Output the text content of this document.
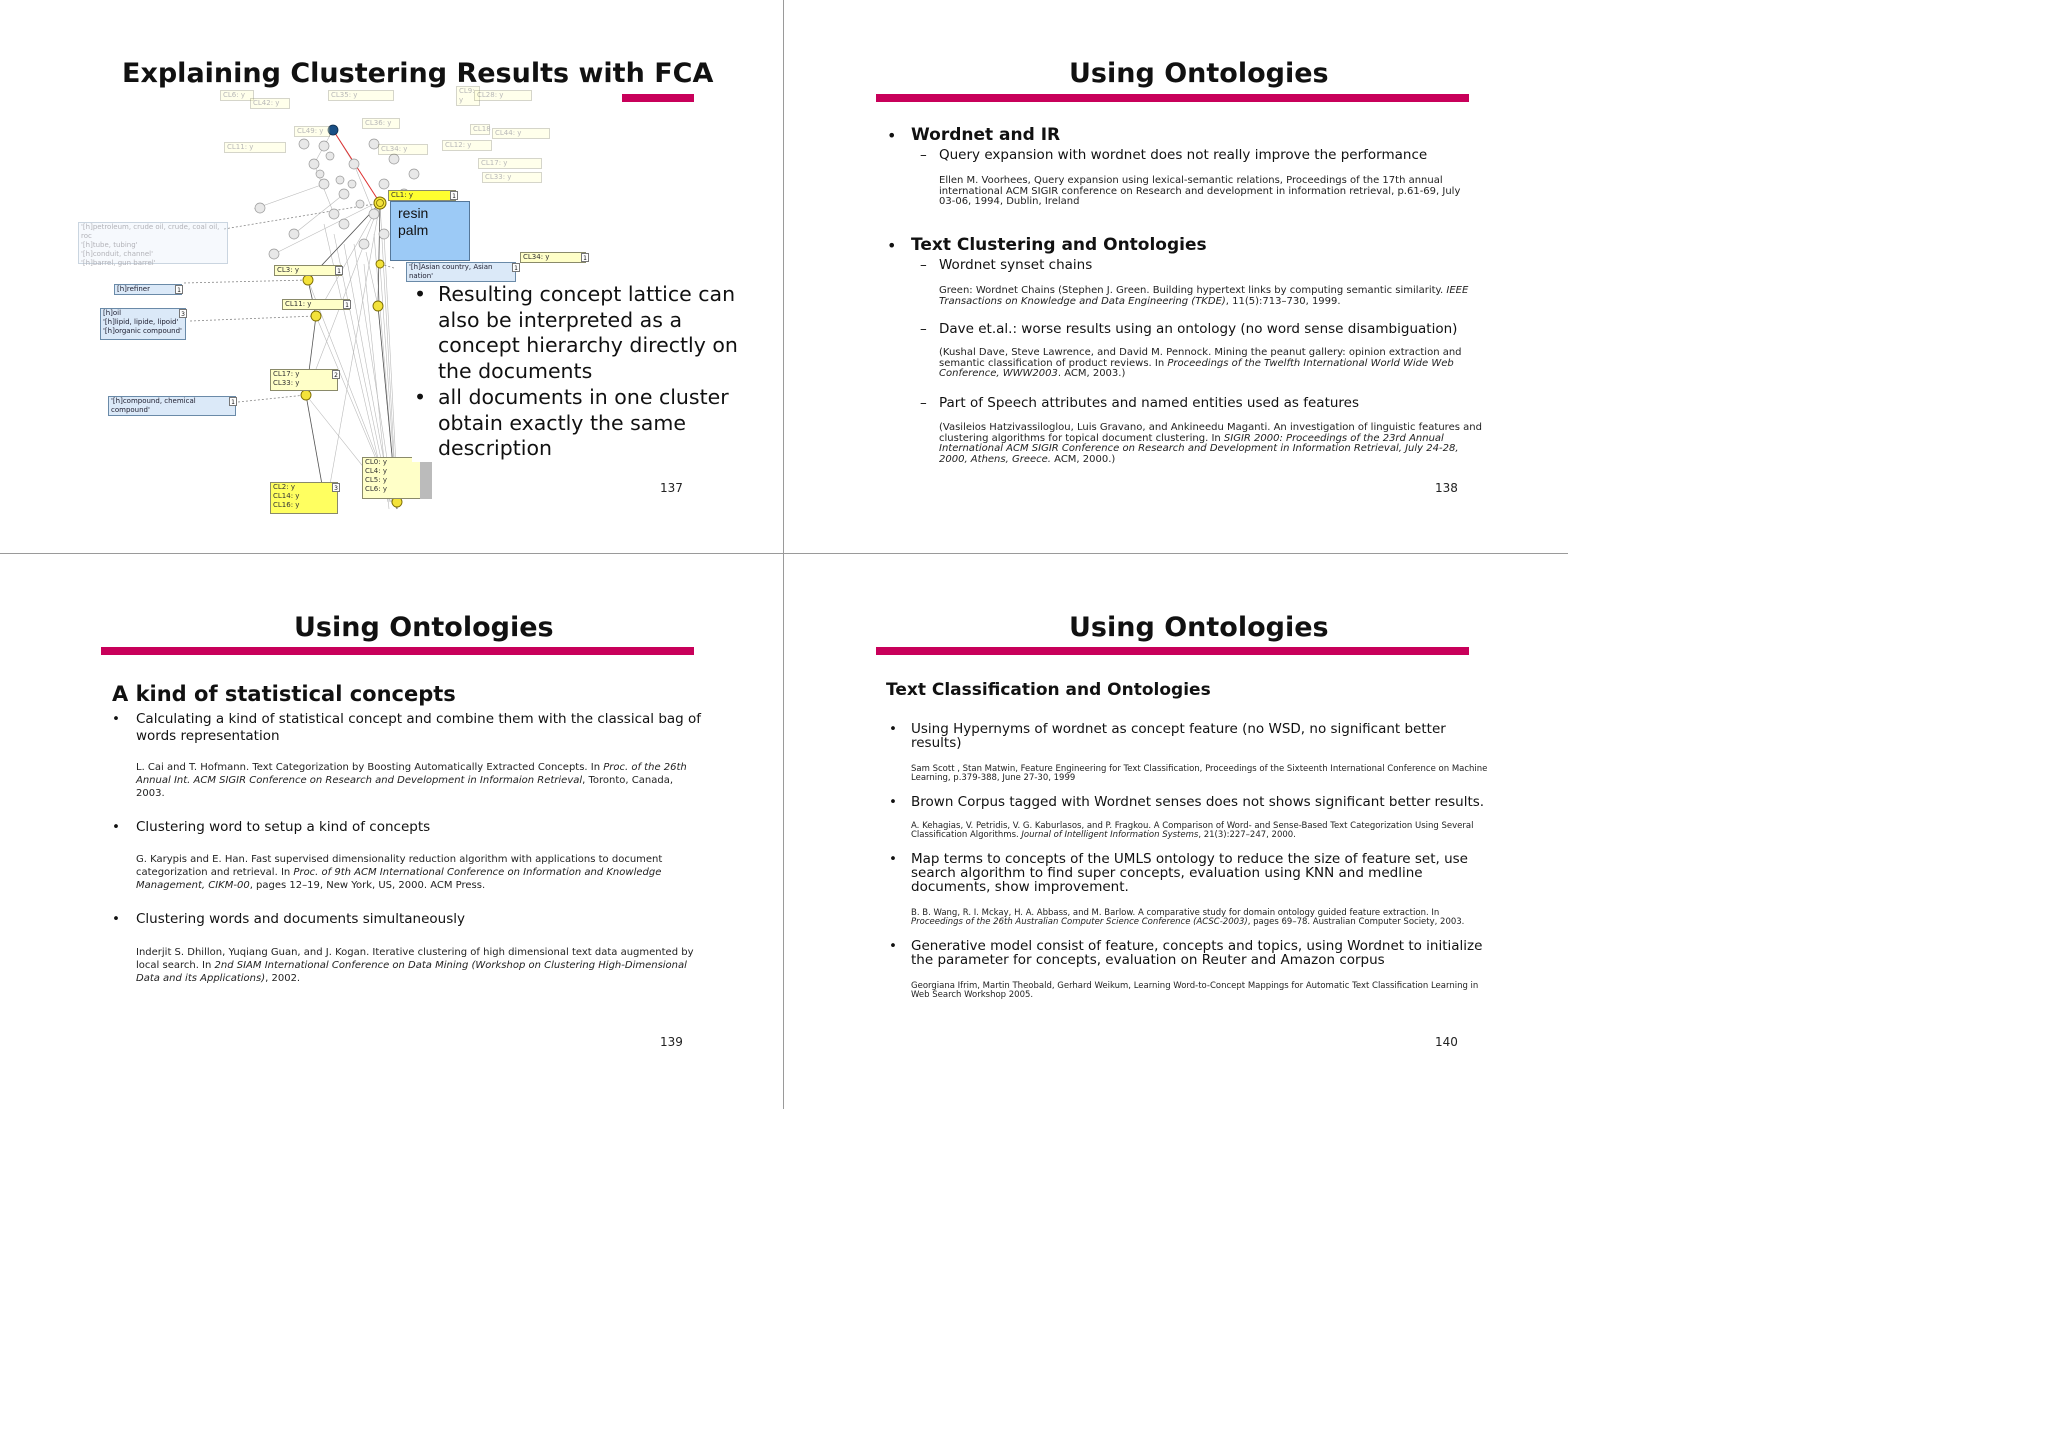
CL6: y
CL42: y
CL35: y	CL9: y
CL28: y
CL49: y	CL18 CL44: y
CL11: y	CL34: y	CL12: y
CL17: y
CL33: y
CL36: y
'[h]petroleum, crude oil, crude, coal oil, roc
'[h]tube, tubing'
'[h]conduit, channel'
'[h]barrel, gun barrel'
[h]refiner	1
[h]oil
'[h]lipid, lipide, lipoid'
'[h]organic compound'
3
'[h]compound, chemical compound'
1
'[h]Asian country, Asian nation'
1
CL1: y	1
CL34: y	1
CL3: y	1
CL11: y	1
CL17: y
CL33: y
2
CL0: y
CL4: y
CL5: y
CL6: y
CL2: y
CL14: y
CL16: y
3
Explaining Clustering Results with FCA
resin
palm
• Resulting concept lattice can
also be interpreted as a
concept hierarchy directly on
the documents
• all documents in one cluster
obtain exactly the same
description
137
Using Ontologies
• Wordnet and IR
– Query expansion with wordnet does not really improve the performance
Ellen M. Voorhees, Query expansion using lexical-semantic relations, Proceedings of the 17th annual
international ACM SIGIR conference on Research and development in information retrieval, p.61-69, July
03-06, 1994, Dublin, Ireland
• Text Clustering and Ontologies
– Wordnet synset chains
Green: Wordnet Chains (Stephen J. Green. Building hypertext links by computing semantic similarity. IEEE
Transactions on Knowledge and Data Engineering (TKDE), 11(5):713–730, 1999.
– Dave et.al.: worse results using an ontology (no word sense disambiguation)
(Kushal Dave, Steve Lawrence, and David M. Pennock. Mining the peanut gallery: opinion extraction and
semantic classification of product reviews. In Proceedings of the Twelfth International World Wide Web
Conference, WWW2003. ACM, 2003.)
– Part of Speech attributes and named entities used as features
(Vasileios Hatzivassiloglou, Luis Gravano, and Ankineedu Maganti. An investigation of linguistic features and
clustering algorithms for topical document clustering. In SIGIR 2000: Proceedings of the 23rd Annual
International ACM SIGIR Conference on Research and Development in Information Retrieval, July 24-28,
2000, Athens, Greece. ACM, 2000.)
138
Using Ontologies
A kind of statistical concepts
• Calculating a kind of statistical concept and combine them with the classical bag of
words representation
L. Cai and T. Hofmann. Text Categorization by Boosting Automatically Extracted Concepts. In Proc. of the 26th
Annual Int. ACM SIGIR Conference on Research and Development in Informaion Retrieval, Toronto, Canada,
2003.
• Clustering word to setup a kind of concepts
G. Karypis and E. Han. Fast supervised dimensionality reduction algorithm with applications to document
categorization and retrieval. In Proc. of 9th ACM International Conference on Information and Knowledge
Management, CIKM-00, pages 12–19, New York, US, 2000. ACM Press.
• Clustering words and documents simultaneously
Inderjit S. Dhillon, Yuqiang Guan, and J. Kogan. Iterative clustering of high dimensional text data augmented by
local search. In 2nd SIAM International Conference on Data Mining (Workshop on Clustering High-Dimensional
Data and its Applications), 2002.
139
Using Ontologies
Text Classification and Ontologies
• Using Hypernyms of wordnet as concept feature (no WSD, no significant better
results)
Sam Scott , Stan Matwin, Feature Engineering for Text Classification, Proceedings of the Sixteenth International Conference on Machine
Learning, p.379-388, June 27-30, 1999
• Brown Corpus tagged with Wordnet senses does not shows significant better results.
A. Kehagias, V. Petridis, V. G. Kaburlasos, and P. Fragkou. A Comparison of Word- and Sense-Based Text Categorization Using Several
Classification Algorithms. Journal of Intelligent Information Systems, 21(3):227–247, 2000.
• Map terms to concepts of the UMLS ontology to reduce the size of feature set, use
search algorithm to find super concepts, evaluation using KNN and medline
documents, show improvement.
B. B. Wang, R. I. Mckay, H. A. Abbass, and M. Barlow. A comparative study for domain ontology guided feature extraction. In
Proceedings of the 26th Australian Computer Science Conference (ACSC-2003), pages 69–78. Australian Computer Society, 2003.
• Generative model consist of feature, concepts and topics, using Wordnet to initialize
the parameter for concepts, evaluation on Reuter and Amazon corpus
Georgiana Ifrim, Martin Theobald, Gerhard Weikum, Learning Word-to-Concept Mappings for Automatic Text Classification Learning in
Web Search Workshop 2005.
140
